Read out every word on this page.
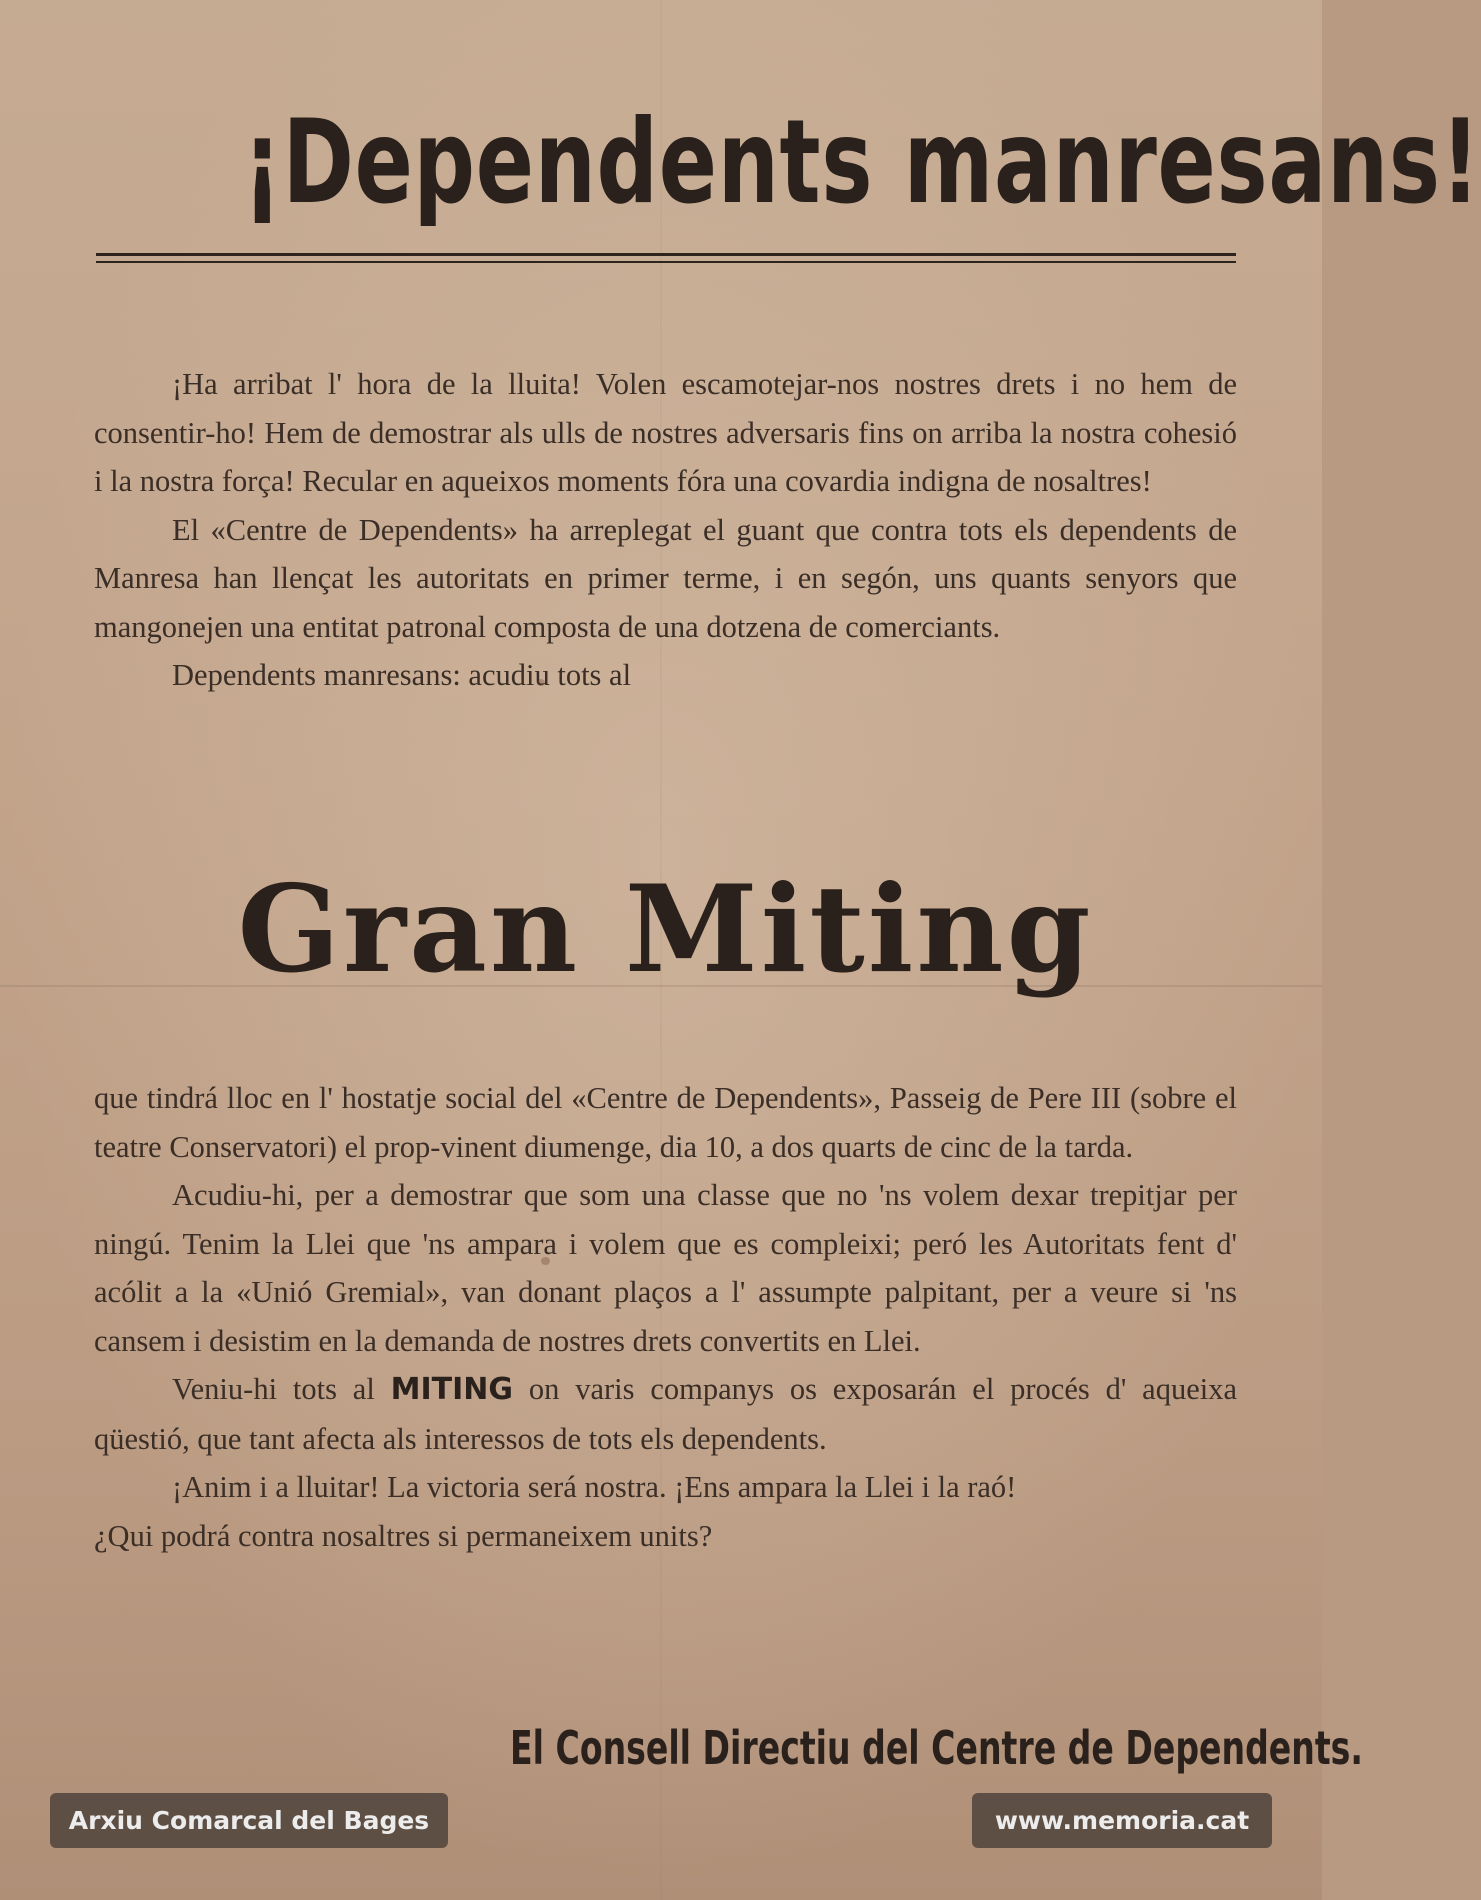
¡Dependents manresans!

¡Ha arribat l' hora de la lluita! Volen escamotejar-nos nostres drets i no hem de consentir-ho! Hem de demostrar als ulls de nostres adversaris fins on arriba la nostra cohesió i la nostra força! Recular en aqueixos moments fóra una covardia indigna de nosaltres!

El «Centre de Dependents» ha arreplegat el guant que contra tots els dependents de Manresa han llençat les autoritats en primer terme, i en segón, uns quants senyors que mangonejen una entitat patronal composta de una dotzena de comerciants.

Dependents manresans: acudiu tots al

Gran Miting

que tindrá lloc en l' hostatje social del «Centre de Dependents», Passeig de Pere III (sobre el teatre Conservatori) el prop-vinent diumenge, dia 10, a dos quarts de cinc de la tarda.

Acudiu-hi, per a demostrar que som una classe que no 'ns volem dexar trepitjar per ningú. Tenim la Llei que 'ns ampara i volem que es compleixi; peró les Autoritats fent d' acólit a la «Unió Gremial», van donant plaços a l' assumpte palpitant, per a veure si 'ns cansem i desistim en la demanda de nostres drets convertits en Llei.

Veniu-hi tots al MITING on varis companys os exposarán el procés d' aqueixa qüestió, que tant afecta als interessos de tots els dependents.

¡Anim i a lluitar! La victoria será nostra. ¡Ens ampara la Llei i la raó!

¿Qui podrá contra nosaltres si permaneixem units?

El Consell Directiu del Centre de Dependents.

Arxiu Comarcal del Bages	www.memoria.cat
